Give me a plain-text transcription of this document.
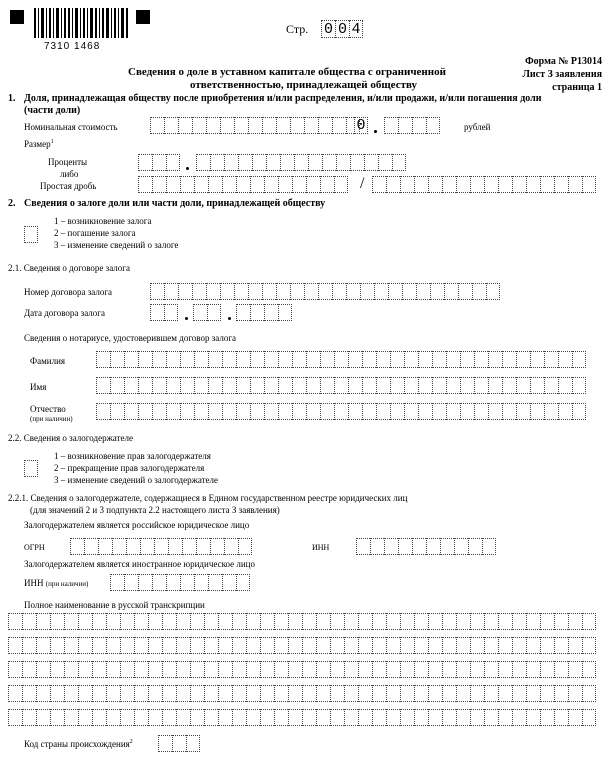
7310 1468
Стр. 0 0 4
Форма № Р13014
Лист З заявления
страница 1
Сведения о доле в уставном капитале общества с ограниченной
ответственностью, принадлежащей обществу
1. Доля, принадлежащая обществу после приобретения и/или распределения, и/или продажи, и/или погашения доли
(части доли)
Номинальная стоимость	0	рублей
Размер$^1$
Проценты
либо
Простая дробь	/
2. Сведения о залоге доли или части доли, принадлежащей обществу
1 – возникновение залога
2 – погашение залога
3 – изменение сведений о залоге
2.1. Сведения о договоре залога
Номер договора залога
Дата договора залога
Сведения о нотариусе, удостоверившем договор залога
Фамилия
Имя
Отчество
(при наличии)
2.2. Сведения о залогодержателе
1 – возникновение прав залогодержателя
2 – прекращение прав залогодержателя
3 – изменение сведений о залогодержателе
2.2.1. Сведения о залогодержателе, содержащиеся в Едином государственном реестре юридических лиц
(для значений 2 и 3 подпункта 2.2 настоящего листа З заявления)
Залогодержателем является российское юридическое лицо
ОГРН	ИНН
Залогодержателем является иностранное юридическое лицо
ИНН (при наличии)
Полное наименование в русской транскрипции
Код страны происхождения$^2$
